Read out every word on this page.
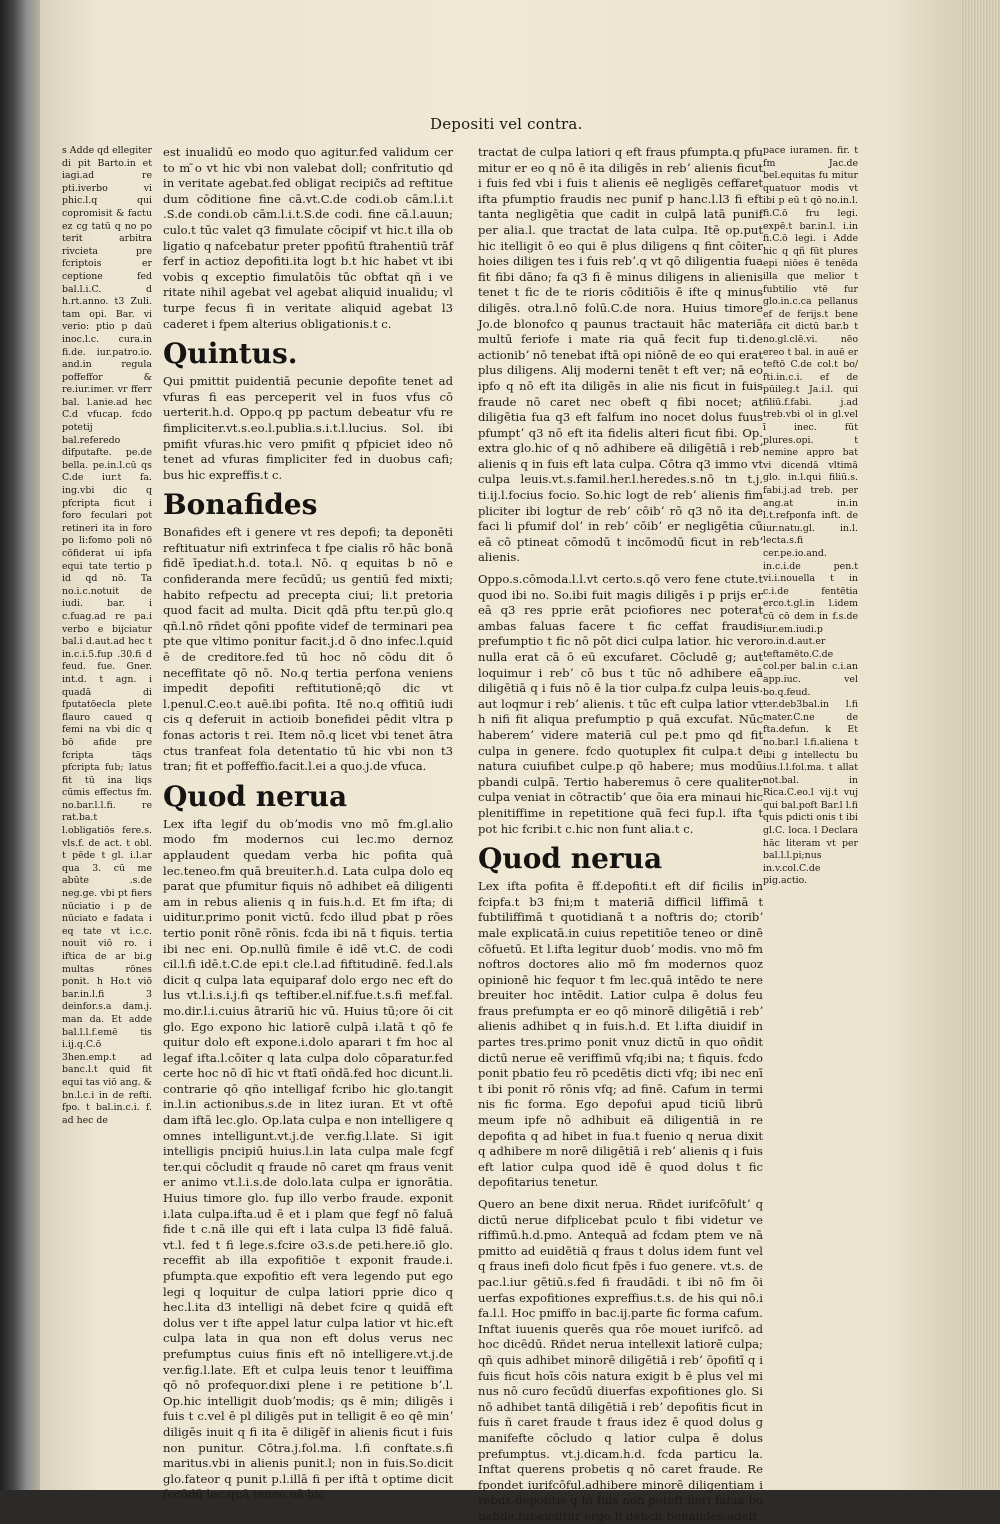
Depositi vel contra.

s Adde qd ellegiter di pit Barto.in et iagi.ad re pti.iverbo vi phic.l.q qui copromisit & factu ez cg tatū q no po terit arbitra rivcieta pre fcriptois er ceptione fed bal.l.i.C. d h.rt.anno. t3 Zuli. tam opi. Bar. vi verio: ptio p daū inoc.l.c. cura.in fi.de. iur.patro.io. and.in regula poffeffor & re.iur.imer. vr fferr bal. l.anie.ad hec C.d vfucap. fcdo potetij bal.referedo difputafte. pe.de bella. pe.in.l.cū qs C.de iur.t fa. ing.vbi dic q pfcripta ficut i foro feculari pot retineri ita in foro po li:fomo poli nō cōfiderat ui ipfa equi tate tertio p id qd nō. Ta no.i.c.notuit de iudi. bar. i c.fuag.ad re pa.i verbo e bijciatur bal.i d.aut.ad hec t in.c.i.5.fup .30.fi d feud. fue. Gner. int.d. t agn. i quadā di fputatōecla plete flauro caued q femi na vbi dic q bō afide pre fcripta tāqs pfcripta fub; latus fit tū ina liqs cūmis effectus fm. no.bar.l.l.fi. re rat.ba.t l.obligatiōs fere.s. vls.f. de act. t obl. t pēde t gl. i.l.ar qua 3. cū me abūte .s.de neg.ge. vbi pt fiers nūciatio i p de nūciato e fadata i eq tate vt i.c.c. nouit viō ro. i iftica de ar bi.g multas rōnes ponit. h Ho.t viō bar.in.l.fi 3 deinfor.s.a dam.j. man da. Et adde bal.l.l.f.emē tis i.ij.q.C.ō 3hen.emp.t ad banc.l.t quid fit equi tas viō ang. & bn.l.c.i in de refti. fpo. t bal.in.c.i. f. ad hec de

est inualidū eo modo quo agitur.fed validum cer to m ̄o vt hic vbi non valebat doll; confritutio qd in veritate agebat.fed obligat recipičs ad reftitue dum cōditione fine cā.vt.C.de codi.ob cām.l.i.t .S.de condi.ob cām.l.i.t.S.de codi. fine cā.l.auun; culo.t tūc valet q3 fimulate cōcipif vt hic.t illa ob ligatio q nafcebatur preter ppofitū ftrahentiū trāf ferf in actioz depofiti.ita logt b.t hic habet vt ibi vobis q exceptio fimulatōis tūc obftat qñ i ve ritate nihil agebat vel agebat aliquid inualidu; vl turpe fecus fi in veritate aliquid agebat l3 caderet i fpem alterius obligationis.t c.

Quintus.

Qui pmittit puidentiā pecunie depofite tenet ad vfuras fi eas perceperit vel in fuos vfus cō uerterit.h.d. Oppo.q pp pactum debeatur vfu re fimpliciter.vt.s.eo.l.publia.s.i.t.l.lucius. Sol. ibi pmifit vfuras.hic vero pmifit q pfpiciet ideo nō tenet ad vfuras fimpliciter fed in duobus cafi; bus hic expreffis.t c.

Bonafides

Bonafides eft i genere vt res depofi; ta deponēti reftituatur nifi extrinfeca t fpe cialis rō hāc bonā fidē īpediat.h.d. tota.l. Nō. q equitas b nō e confideranda mere fecūdū; us gentiū fed mixti; habito refpectu ad precepta ciui; li.t pretoria quod facit ad multa. Dicit qdā pftu ter.pū glo.q qñ.l.nō rñdet qōni ppofite videf de terminari pea pte que vltimo ponitur facit.j.d ō dno infec.l.quid ē de creditore.fed tū hoc nō cōdu dit ō neceffitate qō nō. No.q tertia perfona veniens impedit depofiti reftitutionē;qō dic vt l.penul.C.eo.t auē.ibi pofita. Itē no.q offitiū iudi cis q deferuit in actioib bonefidei pēdit vltra p fonas actoris t rei. Item nō.q licet vbi tenet ātra ctus tranfeat fola detentatio tū hic vbi non t3 tran; fit et poffeffio.facit.l.ei a quo.j.de vfuca.

Quod nerua

Lex ifta legif du obʼmodis vno mō fm.gl.alio modo fm modernos cui lec.mo dernoz applaudent quedam verba hic pofita quā lec.teneo.fm quā breuiter.h.d. Lata culpa dolo eq parat que pfumitur fiquis nō adhibet eā diligenti am in rebus alienis q in fuis.h.d. Et fm ifta; di uiditur.primo ponit victū. fcdo illud pbat p rōes tertio ponit rōnē rōnis. fcda ibi nā t fiquis. tertia ibi nec eni. Op.nullū fimile ē idē vt.C. de codi cil.l.fi idē.t.C.de epi.t cle.l.ad fiftitudinē. fed.l.als dicit q culpa lata equiparaf dolo ergo nec eft do lus vt.l.i.s.i.j.fi qs teftiber.el.nif.fue.t.s.fi mef.fal. mo.dir.l.i.cuius ātrariū hic vū. Huius tū;ore ōi cit glo. Ego expono hic latiorē culpā i.latā t qō fe quitur dolo eft expone.i.dolo aparari t fm hoc al legaf ifta.l.cōiter q lata culpa dolo cōparatur.fed certe hoc nō dī hic vt ftatī oñdā.fed hoc dicunt.li. contrarie qō qño intelligaf fcribo hic glo.tangit in.l.in actionibus.s.de in litez iuran. Et vt oftē dam iftā lec.glo. Op.lata culpa e non intelligere q omnes intelligunt.vt.j.de ver.fig.l.late. Si igit intelligis pncipiū huius.l.in lata culpa male fcgf ter.qui cōcludit q fraude nō caret qm fraus venit er animo vt.l.i.s.de dolo.lata culpa er ignorātia. Huius timore glo. fup illo verbo fraude. exponit i.lata culpa.ifta.ud ē et i plam que fegf nō faluā fide t c.nā ille qui eft i lata culpa l3 fidē faluā. vt.l. fed t fi lege.s.fcire o3.s.de peti.here.iō glo. receffit ab illa expofitiōe t exponit fraude.i. pfumpta.que expofitio eft vera legendo put ego legi q loquitur de culpa latiori pprie dico q hec.l.ita d3 intelligi nā debet fcire q quidā eft dolus ver t ifte appel latur culpa latior vt hic.eft culpa lata in qua non eft dolus verus nec prefumptus cuius finis eft nō intelligere.vt.j.de ver.fig.l.late. Eft et culpa leuis tenor t leuiffima qō nō profequor.dixi plene i re petitione bʼ.l. Op.hic intelligit duobʼmodis; qs ē min; diligēs i fuis t c.vel ē pl diligēs put in telligit ē eo qē minʼ diligēs inuit q fi ita ē diligēf in alienis ficut i fuis non punitur. Cōtra.j.fol.ma. l.fi conftate.s.fi maritus.vbi in alienis punit.l; non in fuis.So.dicit glo.fateor q punit p.l.illā fi per iftā t optime dicit fecūdū lec.quā teneo.nā hic

tractat de culpa latiori q eft fraus pfumpta.q pfu mitur er eo q nō ē ita diligēs in rebʼ alienis ficut i fuis fed vbi i fuis t alienis eē negligēs ceffaret ifta pfumptio fraudis nec punif p hanc.l.l3 fi eft tanta negligētia que cadit in culpā latā punif per alia.l. que tractat de lata culpa. Itē op.put hic itelligit ō eo qui ē plus diligens q fint cōiter hoies diligen tes i fuis rebʼ.q vt qō diligentia fua fit fibi dāno; fa q3 fi ē minus diligens in alienis tenet t fic de te rioris cōditiōis ē ifte q minus diligēs. otra.l.nō folū.C.de nora. Huius timore Jo.de blonofco q paunus tractauit hāc materiā multū feriofe i mate ria quā fecit fup ti.de actionibʼ nō tenebat iftā opi niōnē de eo qui erat plus diligens. Alij moderni tenēt t eft ver; nā eo ipfo q nō eft ita diligēs in alie nis ficut in fuis fraude nō caret nec obeft q fibi nocet; at diligētia fua q3 eft falfum ino nocet dolus fuus pfumptʼ q3 nō eft ita fidelis alteri ficut fibi. Op. extra glo.hic of q nō adhibere eā diligētiā i rebʼ alienis q in fuis eft lata culpa. Cōtra q3 immo vt culpa leuis.vt.s.famil.her.l.heredes.s.nō tn t.j. ti.ij.l.focius focio. So.hic logt de rebʼ alienis fim pliciter ibi logtur de rebʼ cōibʼ rō q3 nō ita de faci li pfumif dolʼ in rebʼ cōibʼ er negligētia cū eā cō ptineat cōmodū t incōmodū ficut in rebʼ alienis.

Oppo.s.cōmoda.l.l.vt certo.s.qō vero fene ctute.t quod ibi no. So.ibi fuit magis diligēs i p prijs er eā q3 res pprie erāt pciofiores nec poterat ambas faluas facere t fic ceffat fraudis prefumptio t fic nō pōt dici culpa latior. hic vero nulla erat cā ō eū excufaret. Cōcludē g; aut loquimur i rebʼ cō bus t tūc nō adhibere eā diligētiā q i fuis nō ē la tior culpa.fz culpa leuis. aut loqmur i rebʼ alienis. t tūc eft culpa latior vt h nifi fit aliqua prefumptio p quā excufat. Nūc haberemʼ videre materiā cul pe.t pmo qd fit culpa in genere. fcdo quotuplex fit culpa.t de natura cuiufibet culpe.p qō habere; mus modū pbandi culpā. Tertio haberemus ō cere qualiter culpa veniat in cōtractibʼ que ōia era minaui hic plenitiffime in repetitione quā feci fup.l. ifta t pot hic fcribi.t c.hic non funt alia.t c.

Quod nerua

Lex ifta pofita ē ff.depofiti.t eft dif ficilis in fcipfa.t b3 fni;m t materiā difficil liffimā t fubtiliffimā t quotidianā t a noftris do; ctoribʼ male explicatā.in cuius repetitiōe teneo or dinē cōfuetū. Et l.ifta legitur duobʼ modis. vno mō fm noftros doctores alio mō fm modernos quoz opinionē hic fequor t fm lec.quā intēdo te nere breuiter hoc intēdit. Latior culpa ē dolus feu fraus prefumpta er eo qō minorē diligētiā i rebʼ alienis adhibet q in fuis.h.d. Et l.ifta diuidif in partes tres.primo ponit vnuz dictū in quo oñdit dictū nerue eē veriffimū vfq;ibi na; t fiquis. fcdo ponit pbatio feu rō pcedētis dicti vfq; ibi nec enī t ibi ponit rō rōnis vfq; ad finē. Cafum in termi nis fic forma. Ego depofui apud ticiū librū meum ipfe nō adhibuit eā diligentiā in re depofita q ad hibet in fua.t fuenio q nerua dixit q adhibere m norē diligētiā i rebʼ alienis q i fuis eft latior culpa quod idē ē quod dolus t fic depofitarius tenetur.

Quero an bene dixit nerua. Rñdet iurifcōfultʼ q dictū nerue difplicebat pculo t fibi videtur ve riffimū.h.d.pmo. Antequā ad fcdam ptem ve nā pmitto ad euidētiā q fraus t dolus idem funt vel q fraus inefi dolo ficut fpēs i fuo genere. vt.s. de pac.l.iur gētiū.s.fed fi fraudādi. t ibi nō fm ōi uerfas expofitiones expreffius.t.s. de his qui nō.i fa.l.l. Hoc pmiffo in bac.ij.parte fic forma cafum. Inftat iuuenis querēs qua rōe mouet iurifcō. ad hoc dicēdū. Rñdet nerua intellexit latiorē culpa; qñ quis adhibet minorē diligētiā i rebʼ ōpofitī q i fuis ficut hoīs cōis natura exigit b ē plus vel mi nus nō curo fecūdū diuerfas expofitiones glo. Si nō adhibet tantā diligētiā i rebʼ depofitis ficut in fuis ñ caret fraude t fraus idez ē quod dolus g manifefte cōcludo q latior culpa ē dolus prefumptus. vt.j.dicam.h.d. fcda particu la. Inftat querens probetis q nō caret fraude. Re fpondet iurifcōful.adhibere minorē diligentiam i rebus depofitis q in fuis non poteft fieri falua bo nafide.fubauditur ergo fi deficit bonafides;adeft

pace iuramen. fir. t fm Jac.de bel.equitas fu mitur quatuor modis vt ibi p eū t qō no.in.l. fi.C.ō fru legi. expē.t bar.in.l. i.in fi.C.ō legi. i Adde hic q qñ fūt plures epi niōes ē tenēda illa que melior t fubtilio vtē fur glo.in.c.ca pellanus ef de ferijs.t bene fa cit dictū bar.b t no.gl.clē.vi. nēo ereo t bal. in auē er teftō C.de col.t bo/ fti.in.c.i. ef de pūileg.t Ja.i.l. qui filiū.f.fabi. j.ad treb.vbi ol in gl.vel ī inec. fūt plures.opi. t nemine appro bat vi dicendā vltimā glo. in.l.qui filiū.s. fabi.j.ad treb. per ang.at in.in l.t.refponfa inft. de iur.natu.gl. in.l. lecta.s.fi cer.pe.io.and. in.c.i.de pen.t vi.i.nouella t in c.i.de fentētia erco.t.gl.in l.idem cū cō dem in f.s.de iur.em.iudi.p ro.in.d.aut.er teftamēto.C.de col.per bal.in c.i.an app.iuc. vel bo.q.feud. ter.deb3bal.in l.fi mater.C.ne de fta.defun. k Et no.bar.l l.fi.aliena t ibi g intellectu bu ius.l.l.fol.ma. t allat not.bal. in Rica.C.eo.l vij.t vuj qui bal.poft Bar.l l.fi quis pdicti onis t ibi gl.C. loca. l Declara hāc literam vt per bal.l.l.pi;nus in.v.col.C.de pig.actio.
